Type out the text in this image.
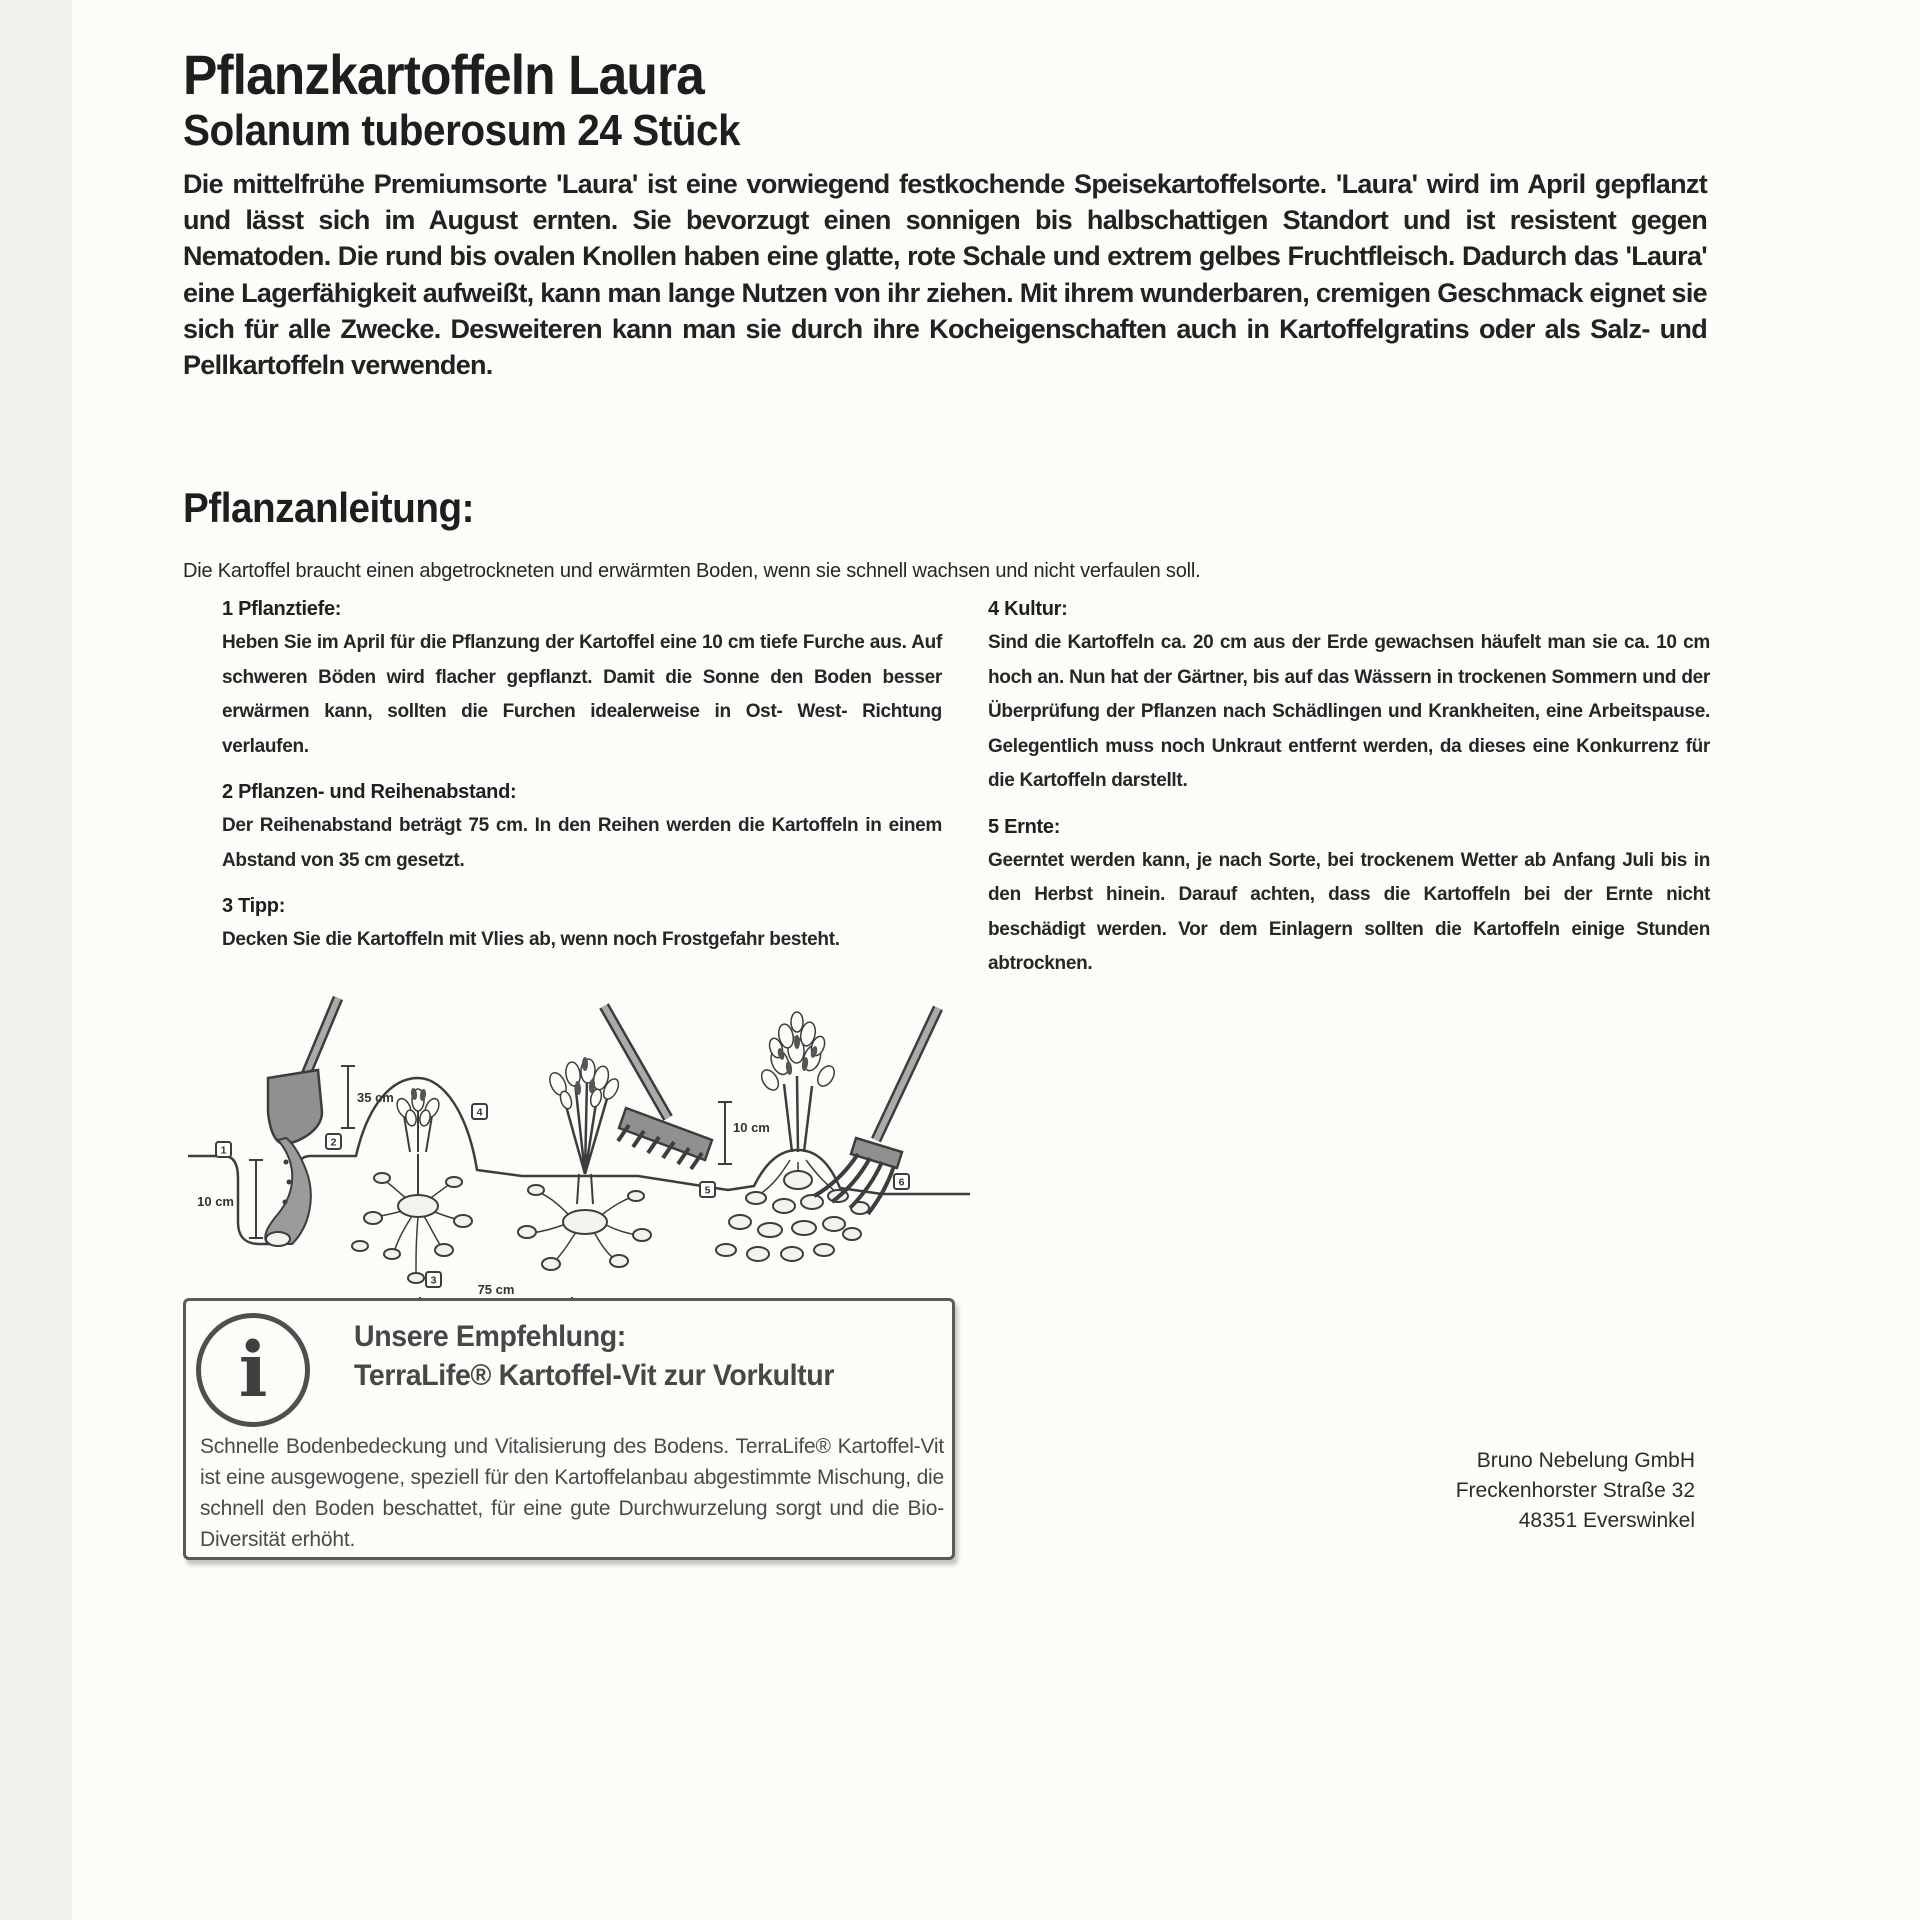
Pflanzkartoffeln Laura
Solanum tuberosum 24 Stück

Die mittelfrühe Premiumsorte 'Laura' ist eine vorwiegend festkochende Speisekartoffelsorte. 'Laura' wird im April gepflanzt und lässt sich im August ernten. Sie bevorzugt einen sonnigen bis halbschattigen Standort und ist resistent gegen Nematoden. Die rund bis ovalen Knollen haben eine glatte, rote Schale und extrem gelbes Fruchtfleisch. Dadurch das 'Laura' eine Lagerfähigkeit aufweißt, kann man lange Nutzen von ihr ziehen. Mit ihrem wunderbaren, cremigen Geschmack eignet sie sich für alle Zwecke. Desweiteren kann man sie durch ihre Kocheigenschaften auch in Kartoffelgratins oder als Salz- und Pellkartoffeln verwenden.

Pflanzanleitung:

Die Kartoffel braucht einen abgetrockneten und erwärmten Boden, wenn sie schnell wachsen und nicht verfaulen soll.

1 Pflanztiefe:

Heben Sie im April für die Pflanzung der Kartoffel eine 10 cm tiefe Furche aus. Auf schweren Böden wird flacher gepflanzt. Damit die Sonne den Boden besser erwärmen kann, sollten die Furchen idealerweise in Ost- West- Richtung verlaufen.

2 Pflanzen- und Reihenabstand:

Der Reihenabstand beträgt 75 cm. In den Reihen werden die Kartoffeln in einem Abstand von 35 cm gesetzt.

3 Tipp:

Decken Sie die Kartoffeln mit Vlies ab, wenn noch Frostgefahr besteht.

4 Kultur:

Sind die Kartoffeln ca. 20 cm aus der Erde gewachsen häufelt man sie ca. 10 cm hoch an. Nun hat der Gärtner, bis auf das Wässern in trockenen Sommern und der Überprüfung der Pflanzen nach Schädlingen und Krankheiten, eine Arbeitspause. Gelegentlich muss noch Unkraut entfernt werden, da dieses eine Konkurrenz für die Kartoffeln darstellt.

5 Ernte:

Geerntet werden kann, je nach Sorte, bei trockenem Wetter ab Anfang Juli bis in den Herbst hinein. Darauf achten, dass die Kartoffeln bei der Ernte nicht beschädigt werden. Vor dem Einlagern sollten die Kartoffeln einige Stunden abtrocknen.

35 cm
10 cm
75 cm
10 cm
1
2
3
4
5
6
i	Unsere Empfehlung:
TerraLife® Kartoffel-Vit zur Vorkultur

Schnelle Bodenbedeckung und Vitalisierung des Bodens. TerraLife® Kartoffel-Vit ist eine ausgewogene, speziell für den Kartoffelanbau abgestimmte Mischung, die schnell den Boden beschattet, für eine gute Durchwurzelung sorgt und die Bio-Diversität erhöht.

Bruno Nebelung GmbH
Freckenhorster Straße 32
48351 Everswinkel
